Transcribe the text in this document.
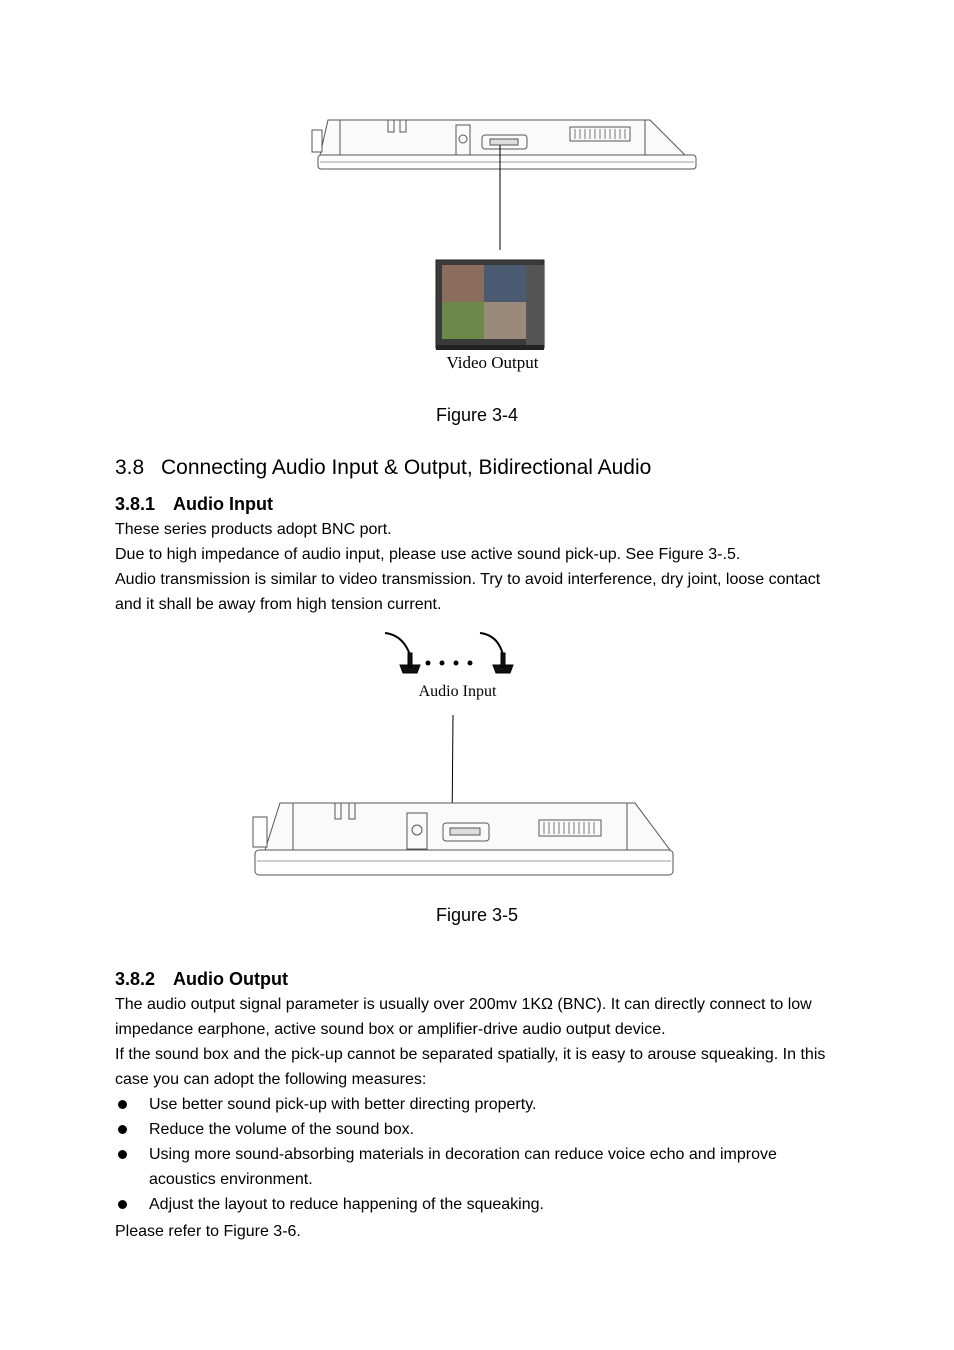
Video Output
Figure 3-4
3.8 Connecting Audio Input & Output, Bidirectional Audio
3.8.1 Audio Input
These series products adopt BNC port.
Due to high impedance of audio input, please use active sound pick-up. See Figure 3-.5.

Audio transmission is similar to video transmission. Try to avoid interference, dry joint, loose contact and it shall be away from high tension current.

Audio Input
Figure 3-5
3.8.2 Audio Output

The audio output signal parameter is usually over 200mv 1KΩ (BNC). It can directly connect to low impedance earphone, active sound box or amplifier-drive audio output device.

If the sound box and the pick-up cannot be separated spatially, it is easy to arouse squeaking. In this case you can adopt the following measures:

Use better sound pick-up with better directing property.
Reduce the volume of the sound box.
Using more sound-absorbing materials in decoration can reduce voice echo and improve acoustics environment.
Adjust the layout to reduce happening of the squeaking.
Please refer to Figure 3-6.
